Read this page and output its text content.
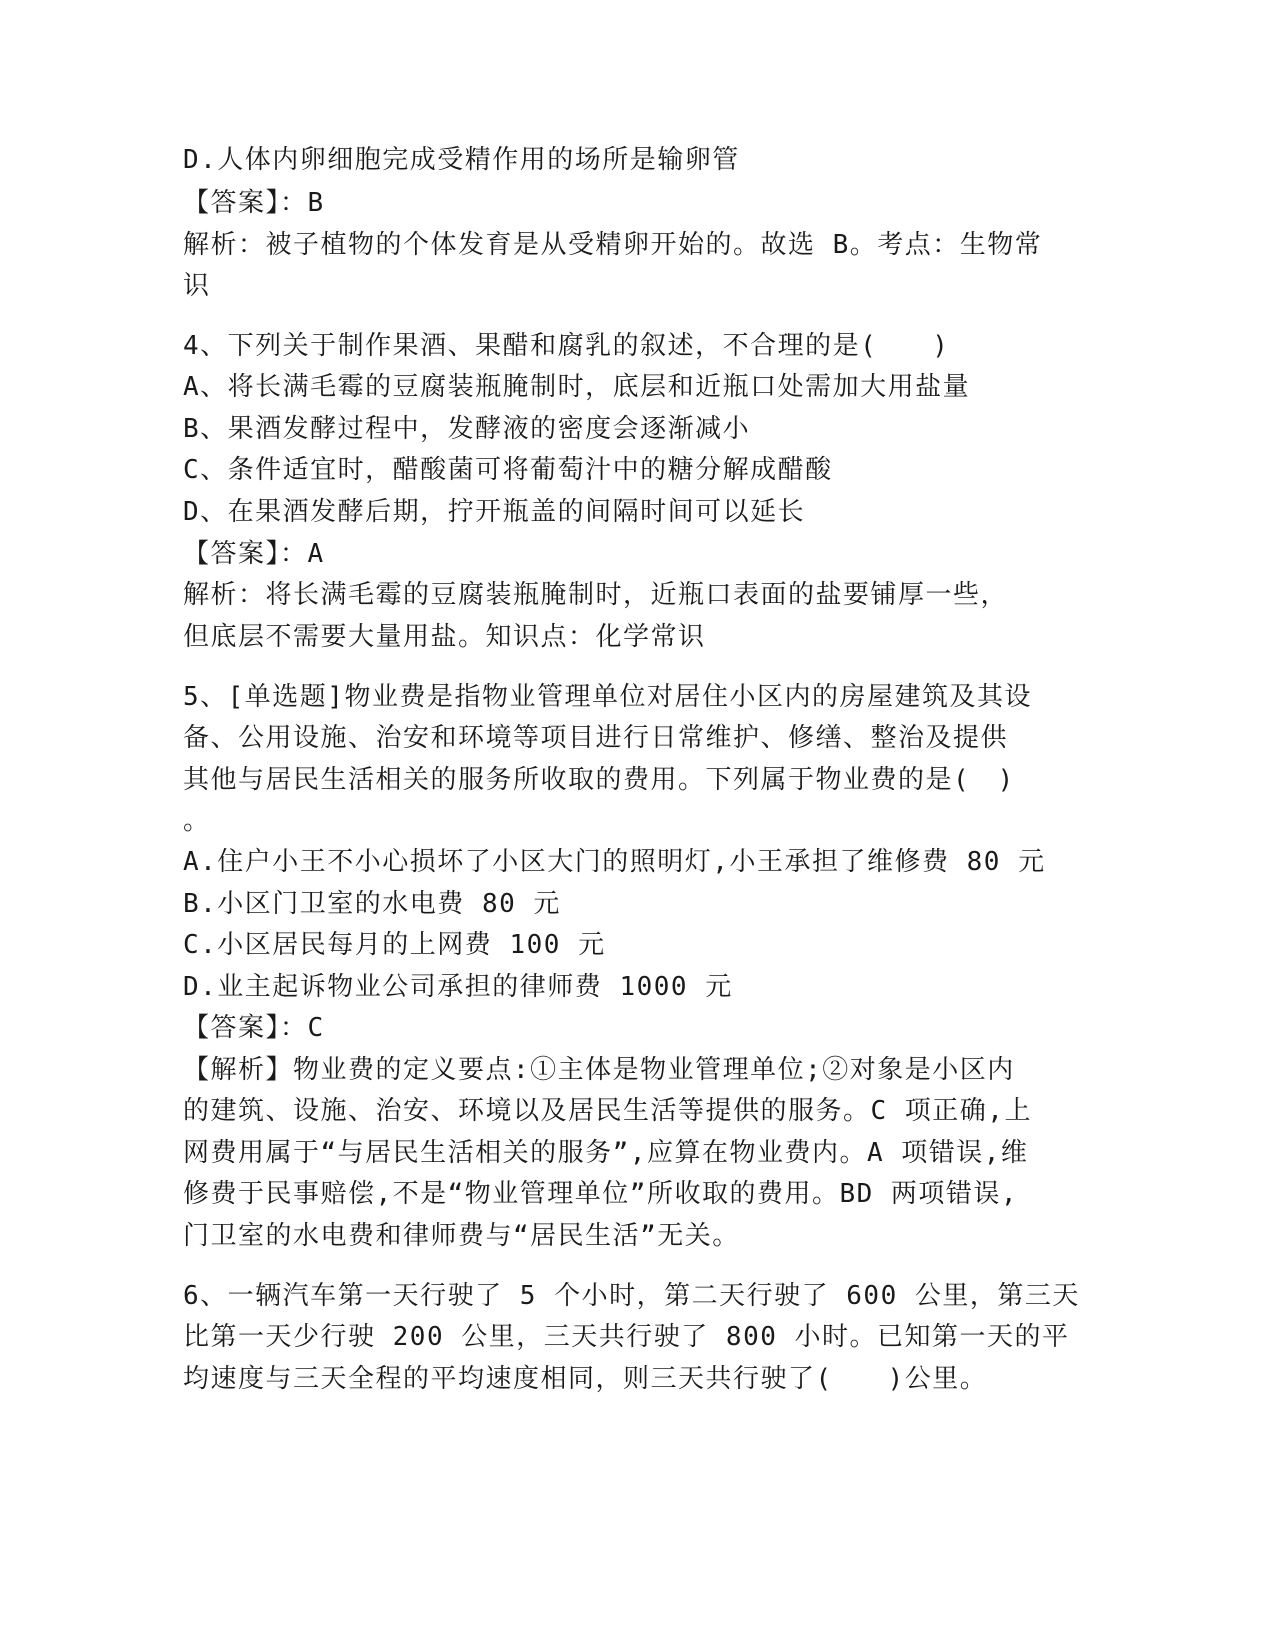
D.人体内卵细胞完成受精作用的场所是输卵管
【答案】：B
解析：被子植物的个体发育是从受精卵开始的。故选 B。考点：生物常
识
4、下列关于制作果酒、果醋和腐乳的叙述，不合理的是(　　)
A、将长满毛霉的豆腐装瓶腌制时，底层和近瓶口处需加大用盐量
B、果酒发酵过程中，发酵液的密度会逐渐减小
C、条件适宜时，醋酸菌可将葡萄汁中的糖分解成醋酸
D、在果酒发酵后期，拧开瓶盖的间隔时间可以延长
【答案】：A
解析：将长满毛霉的豆腐装瓶腌制时，近瓶口表面的盐要铺厚一些，
但底层不需要大量用盐。知识点：化学常识
5、[单选题]物业费是指物业管理单位对居住小区内的房屋建筑及其设
备、公用设施、治安和环境等项目进行日常维护、修缮、整治及提供
其他与居民生活相关的服务所收取的费用。下列属于物业费的是(　)
。
A.住户小王不小心损坏了小区大门的照明灯,小王承担了维修费 80 元
B.小区门卫室的水电费 80 元
C.小区居民每月的上网费 100 元
D.业主起诉物业公司承担的律师费 1000 元
【答案】：C
【解析】物业费的定义要点:①主体是物业管理单位;②对象是小区内
的建筑、设施、治安、环境以及居民生活等提供的服务。C 项正确,上
网费用属于“与居民生活相关的服务”,应算在物业费内。A 项错误,维
修费于民事赔偿,不是“物业管理单位”所收取的费用。BD 两项错误,
门卫室的水电费和律师费与“居民生活”无关。
6、一辆汽车第一天行驶了 5 个小时，第二天行驶了 600 公里，第三天
比第一天少行驶 200 公里，三天共行驶了 800 小时。已知第一天的平
均速度与三天全程的平均速度相同，则三天共行驶了(　　)公里。
